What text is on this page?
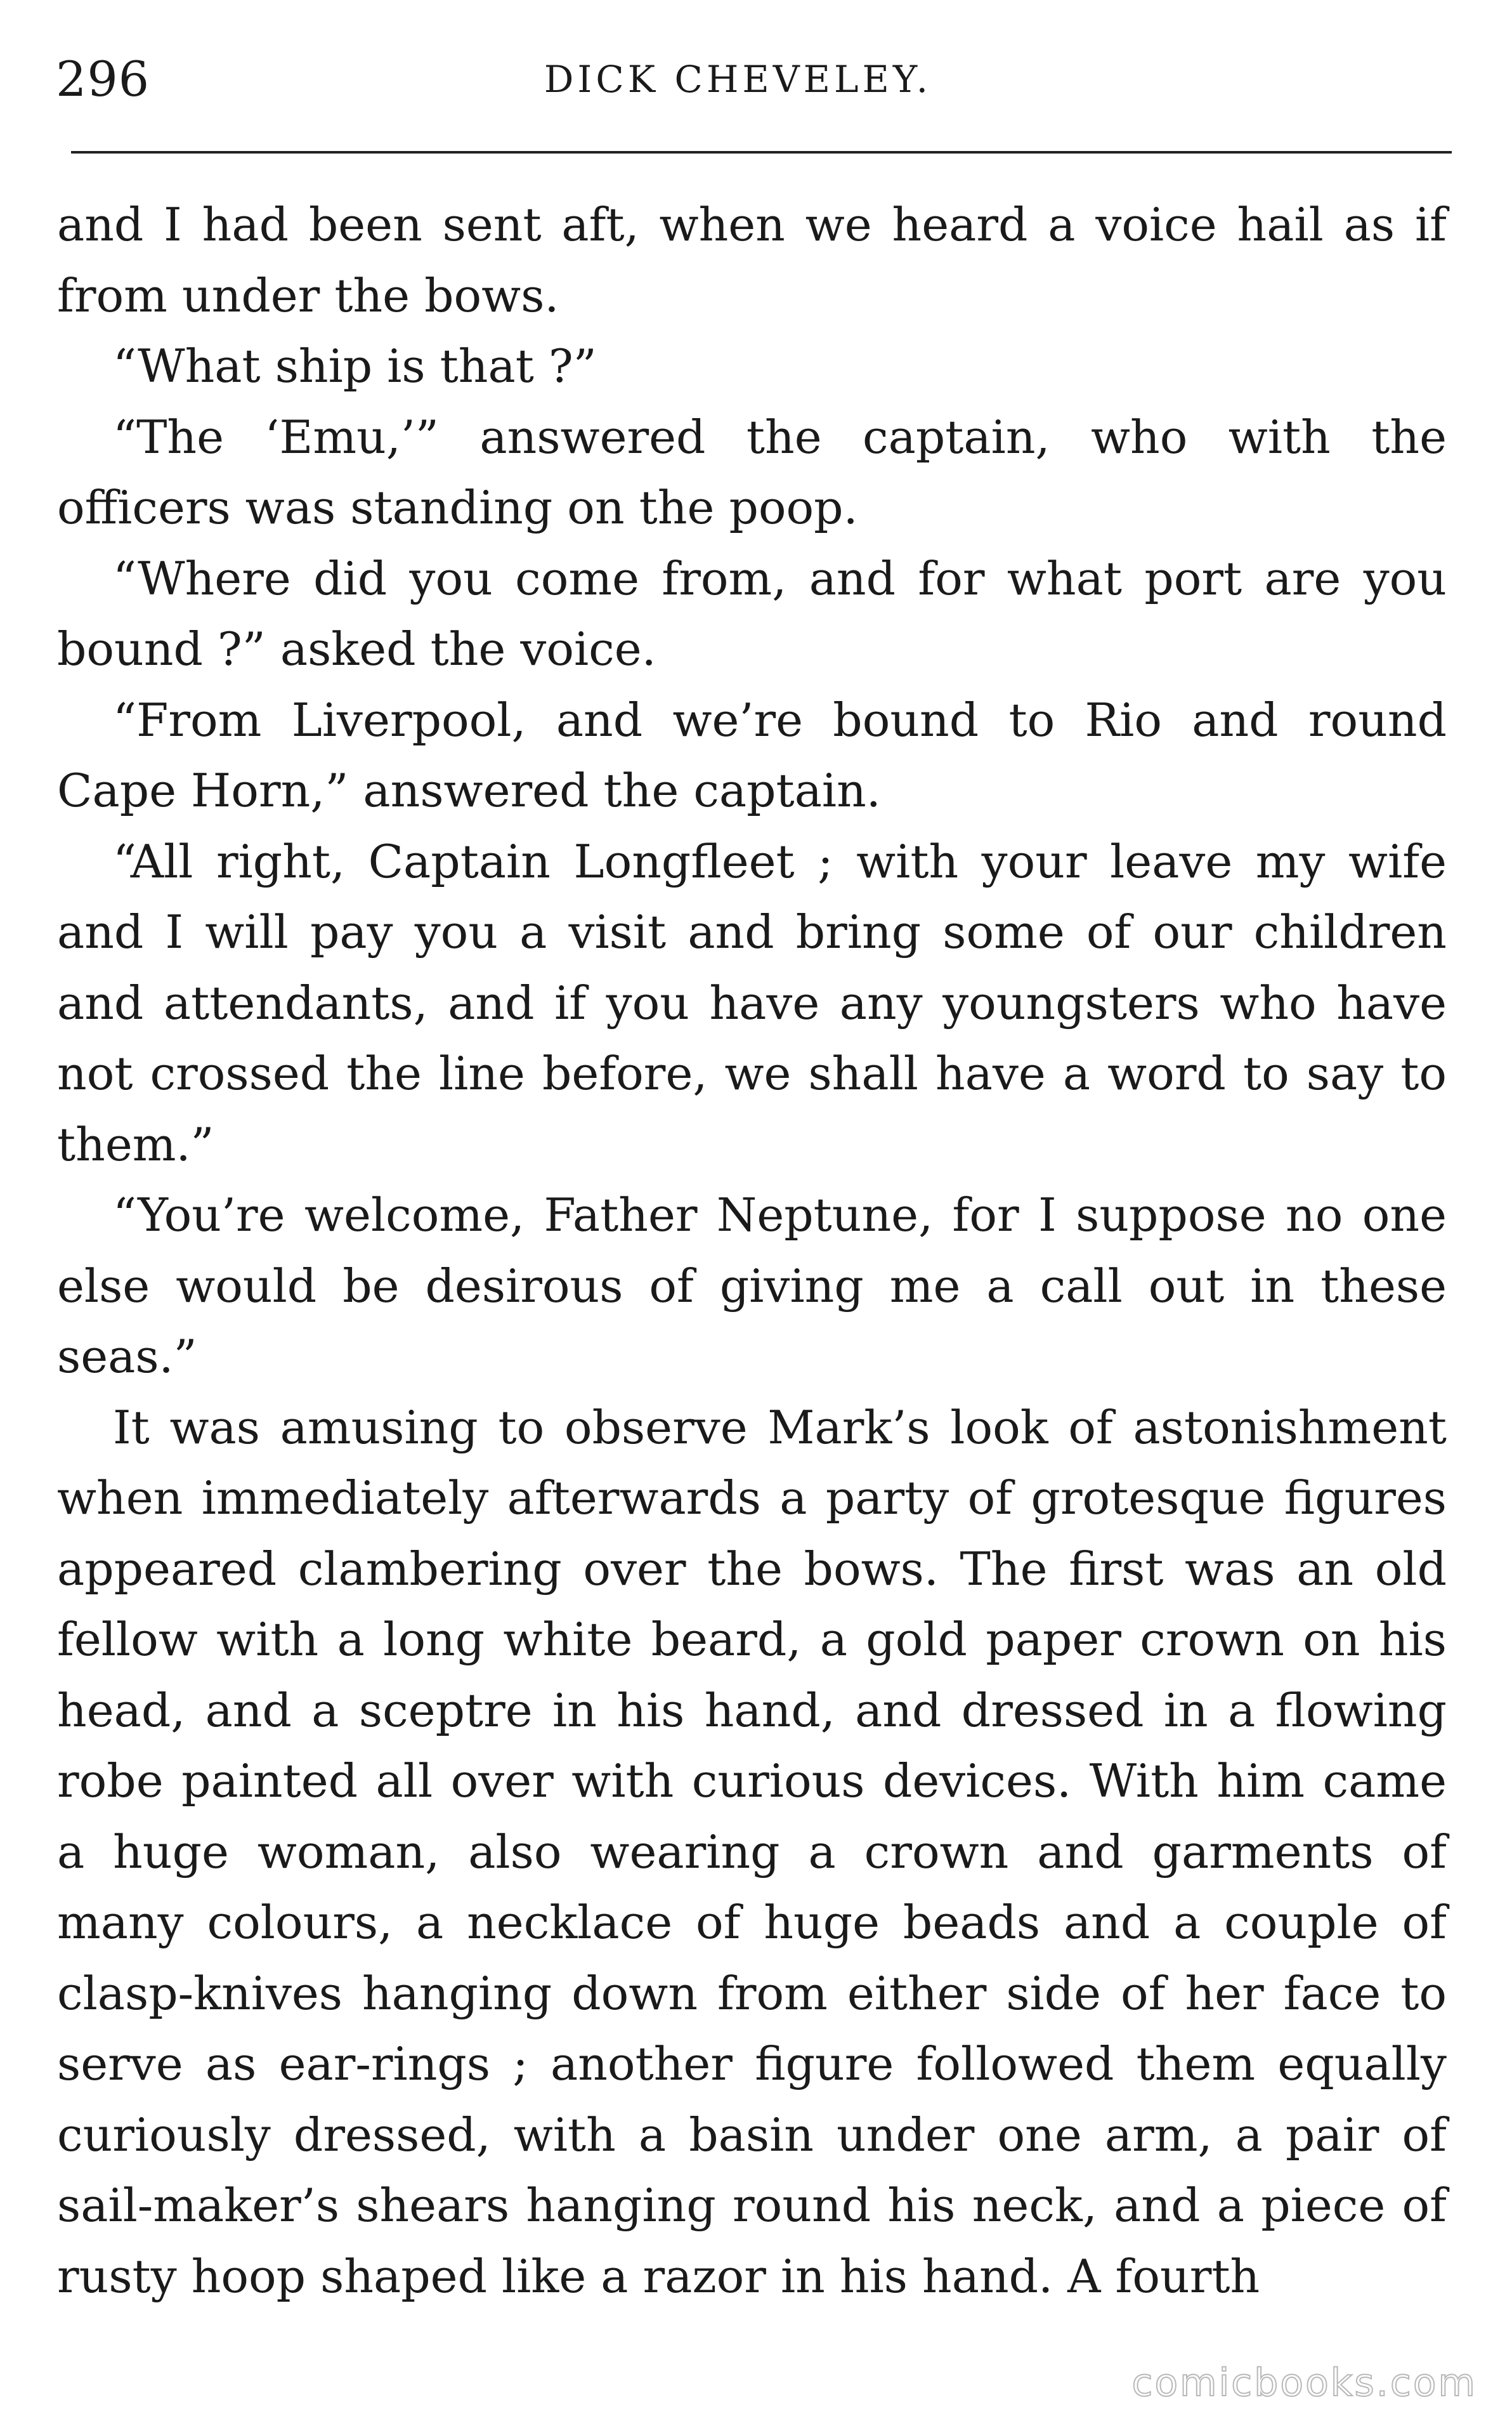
296	DICK CHEVELEY.

and I had been sent aft, when we heard a voice hail as if from under the bows.

“What ship is that ?”

“The ‘Emu,’” answered the captain, who with the officers was standing on the poop.

“Where did you come from, and for what port are you bound ?” asked the voice.

“From Liverpool, and we’re bound to Rio and round Cape Horn,” answered the captain.

“All right, Captain Longfleet ; with your leave my wife and I will pay you a visit and bring some of our children and attendants, and if you have any youngsters who have not crossed the line before, we shall have a word to say to them.”

“You’re welcome, Father Neptune, for I suppose no one else would be desirous of giving me a call out in these seas.”

It was amusing to observe Mark’s look of astonishment when immediately afterwards a party of grotesque figures appeared clambering over the bows. The first was an old fellow with a long white beard, a gold paper crown on his head, and a sceptre in his hand, and dressed in a flowing robe painted all over with curious devices. With him came a huge woman, also wearing a crown and garments of many colours, a necklace of huge beads and a couple of clasp-knives hanging down from either side of her face to serve as ear-rings ; another figure followed them equally curiously dressed, with a basin under one arm, a pair of sail-maker’s shears hanging round his neck, and a piece of rusty hoop shaped like a razor in his hand. A fourth

comicbooks.com
